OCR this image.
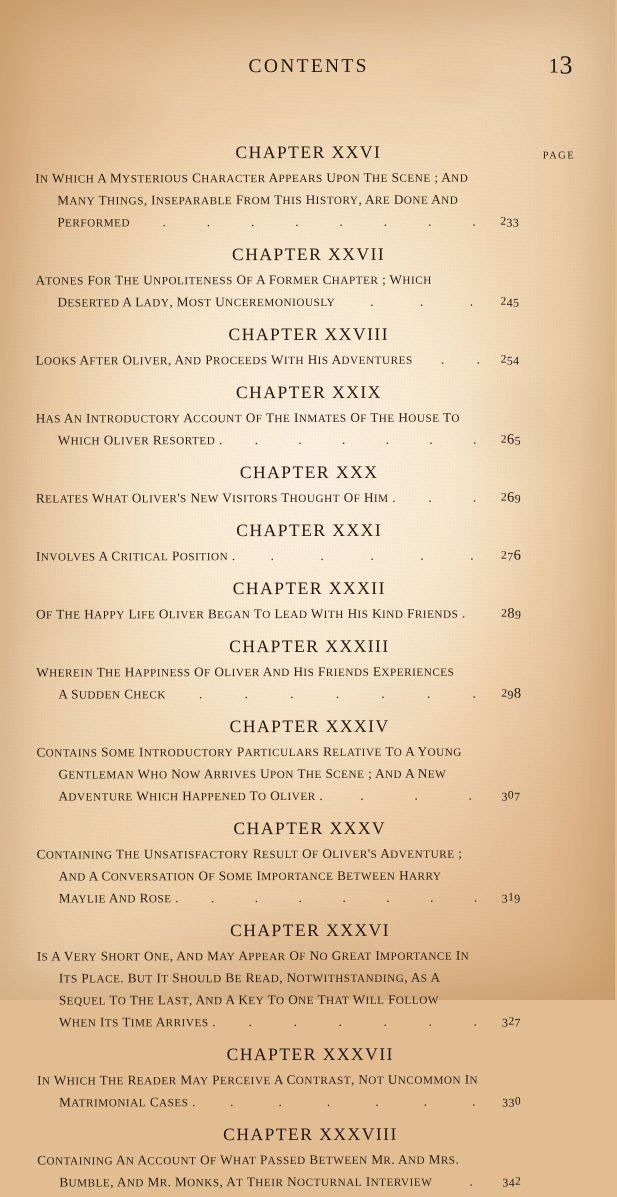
CONTENTS	13
PAGE
CHAPTER XXVI
IN WHICH A MYSTERIOUS CHARACTER APPEARS UPON THE SCENE ; AND
MANY THINGS, INSEPARABLE FROM THIS HISTORY, ARE DONE AND
PERFORMED	233
.	.	.	.	.	.	.	.
CHAPTER XXVII
ATONES FOR THE UNPOLITENESS OF A FORMER CHAPTER ; WHICH
DESERTED A LADY, MOST UNCEREMONIOUSLY	245
.	.	.
CHAPTER XXVIII
LOOKS AFTER OLIVER, AND PROCEEDS WITH HIS ADVENTURES	254
. .
CHAPTER XXIX
HAS AN INTRODUCTORY ACCOUNT OF THE INMATES OF THE HOUSE TO
WHICH OLIVER RESORTED .	265
.	.	.	.	.	.
CHAPTER XXX
RELATES WHAT OLIVER'S NEW VISITORS THOUGHT OF HIM .	269
.	.
CHAPTER XXXI
INVOLVES A CRITICAL POSITION .	276
.	.	.	.	.
CHAPTER XXXII
OF THE HAPPY LIFE OLIVER BEGAN TO LEAD WITH HIS KIND FRIENDS .	289
CHAPTER XXXIII
WHEREIN THE HAPPINESS OF OLIVER AND HIS FRIENDS EXPERIENCES
A SUDDEN CHECK	298
.	.	.	.	.	.	.
CHAPTER XXXIV
CONTAINS SOME INTRODUCTORY PARTICULARS RELATIVE TO A YOUNG
GENTLEMAN WHO NOW ARRIVES UPON THE SCENE ; AND A NEW
ADVENTURE WHICH HAPPENED TO OLIVER .	307
.	.	.
CHAPTER XXXV
CONTAINING THE UNSATISFACTORY RESULT OF OLIVER'S ADVENTURE ;
AND A CONVERSATION OF SOME IMPORTANCE BETWEEN HARRY
MAYLIE AND ROSE .	319
.	.	.	.	.	.	.
CHAPTER XXXVI
IS A VERY SHORT ONE, AND MAY APPEAR OF NO GREAT IMPORTANCE IN
ITS PLACE. BUT IT SHOULD BE READ, NOTWITHSTANDING, AS A
SEQUEL TO THE LAST, AND A KEY TO ONE THAT WILL FOLLOW
WHEN ITS TIME ARRIVES .	327
.	.	.	.	.	.
CHAPTER XXXVII
IN WHICH THE READER MAY PERCEIVE A CONTRAST, NOT UNCOMMON IN
MATRIMONIAL CASES .	330
.	.	.	.	.	.
CHAPTER XXXVIII
CONTAINING AN ACCOUNT OF WHAT PASSED BETWEEN MR. AND MRS.
BUMBLE, AND MR. MONKS, AT THEIR NOCTURNAL INTERVIEW	342
.
